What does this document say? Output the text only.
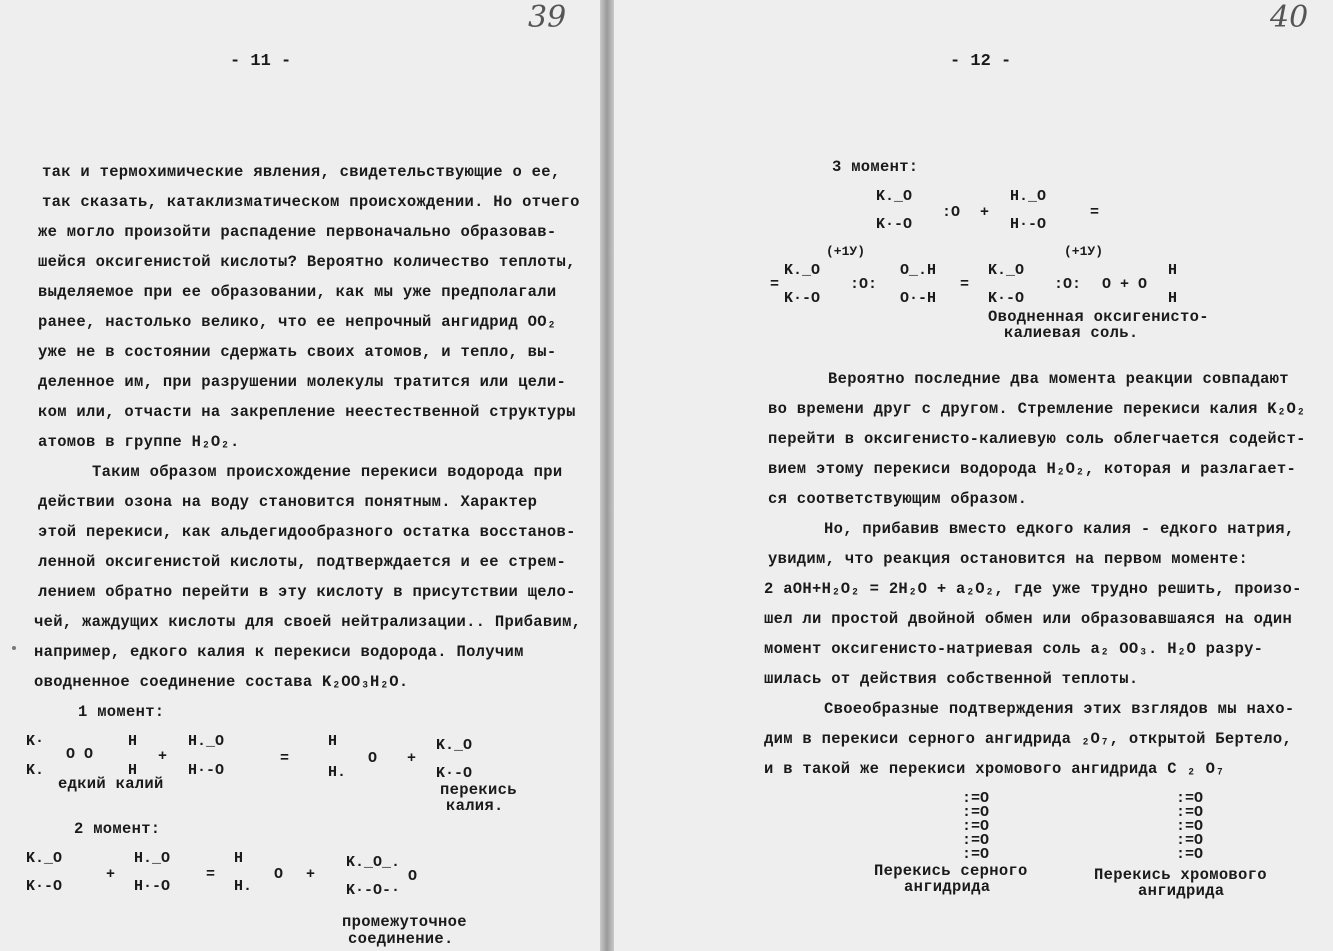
39
- 11 -
так и термохимические явления, свидетельствующие о ее,
так сказать, катаклизматическом происхождении. Но отчего
же могло произойти распадение первоначально образовав-
шейся оксигенистой кислоты? Вероятно количество теплоты,
выделяемое при ее образовании, как мы уже предполагали
ранее, настолько велико, что ее непрочный ангидрид OO₂
уже не в состоянии сдержать своих атомов, и тепло, вы-
деленное им, при разрушении молекулы тратится или цели-
ком или, отчасти на закрепление неестественной структуры
атомов в группе H₂O₂.
Таким образом происхождение перекиси водорода при
действии озона на воду становится понятным. Характер
этой перекиси, как альдегидообразного остатка восстанов-
ленной оксигенистой кислоты, подтверждается и ее стрем-
лением обратно перейти в эту кислоту в присутствии щело-
чей, жаждущих кислоты для своей нейтрализации.. Прибавим,
например, едкого калия к перекиси водорода. Получим
оводненное соединение состава K₂OO₃H₂O.
1 момент:
K·
K.
O O
H
H
едкий калий
+
H._O
H·-O
=
H
H.
O +
K._O
K·-O
перекись
калия.
2 момент:
K._O
K·-O
+
H._O
H·-O
=
H
H.
O +
K._O_.
K·-O-·
O
промежуточное
соединение.
40
- 12 -
3 момент:
K._O
K·-O
:O +
H._O
H·-O
=
(+1У)
=
K._O
K·-O
:O:
O_.H
O·-H
=
(+1У)
K._O
K·-O
:O: O + O
H
H
Оводненная оксигенисто-
калиевая соль.
Вероятно последние два момента реакции совпадают
во времени друг с другом. Стремление перекиси калия K₂O₂
перейти в оксигенисто-калиевую соль облегчается содейст-
вием этому перекиси водорода H₂O₂, которая и разлагает-
ся соответствующим образом.
Но, прибавив вместо едкого калия - едкого натрия,
увидим, что реакция остановится на первом моменте:
2 aOH+H₂O₂ = 2H₂O + a₂O₂, где уже трудно решить, произо-
шел ли простой двойной обмен или образовавшаяся на один
момент оксигенисто-натриевая соль a₂ OO₃. H₂O разру-
шилась от действия собственной теплоты.
Своеобразные подтверждения этих взглядов мы нахо-
дим в перекиси серного ангидрида ₂O₇, открытой Бертело,
и в такой же перекиси хромового ангидрида C ₂ O₇
:=O
:=O
:=O
:=O
:=O
Перекись серного
ангидрида
:=O
:=O
:=O
:=O
:=O
Перекись хромового
ангидрида
